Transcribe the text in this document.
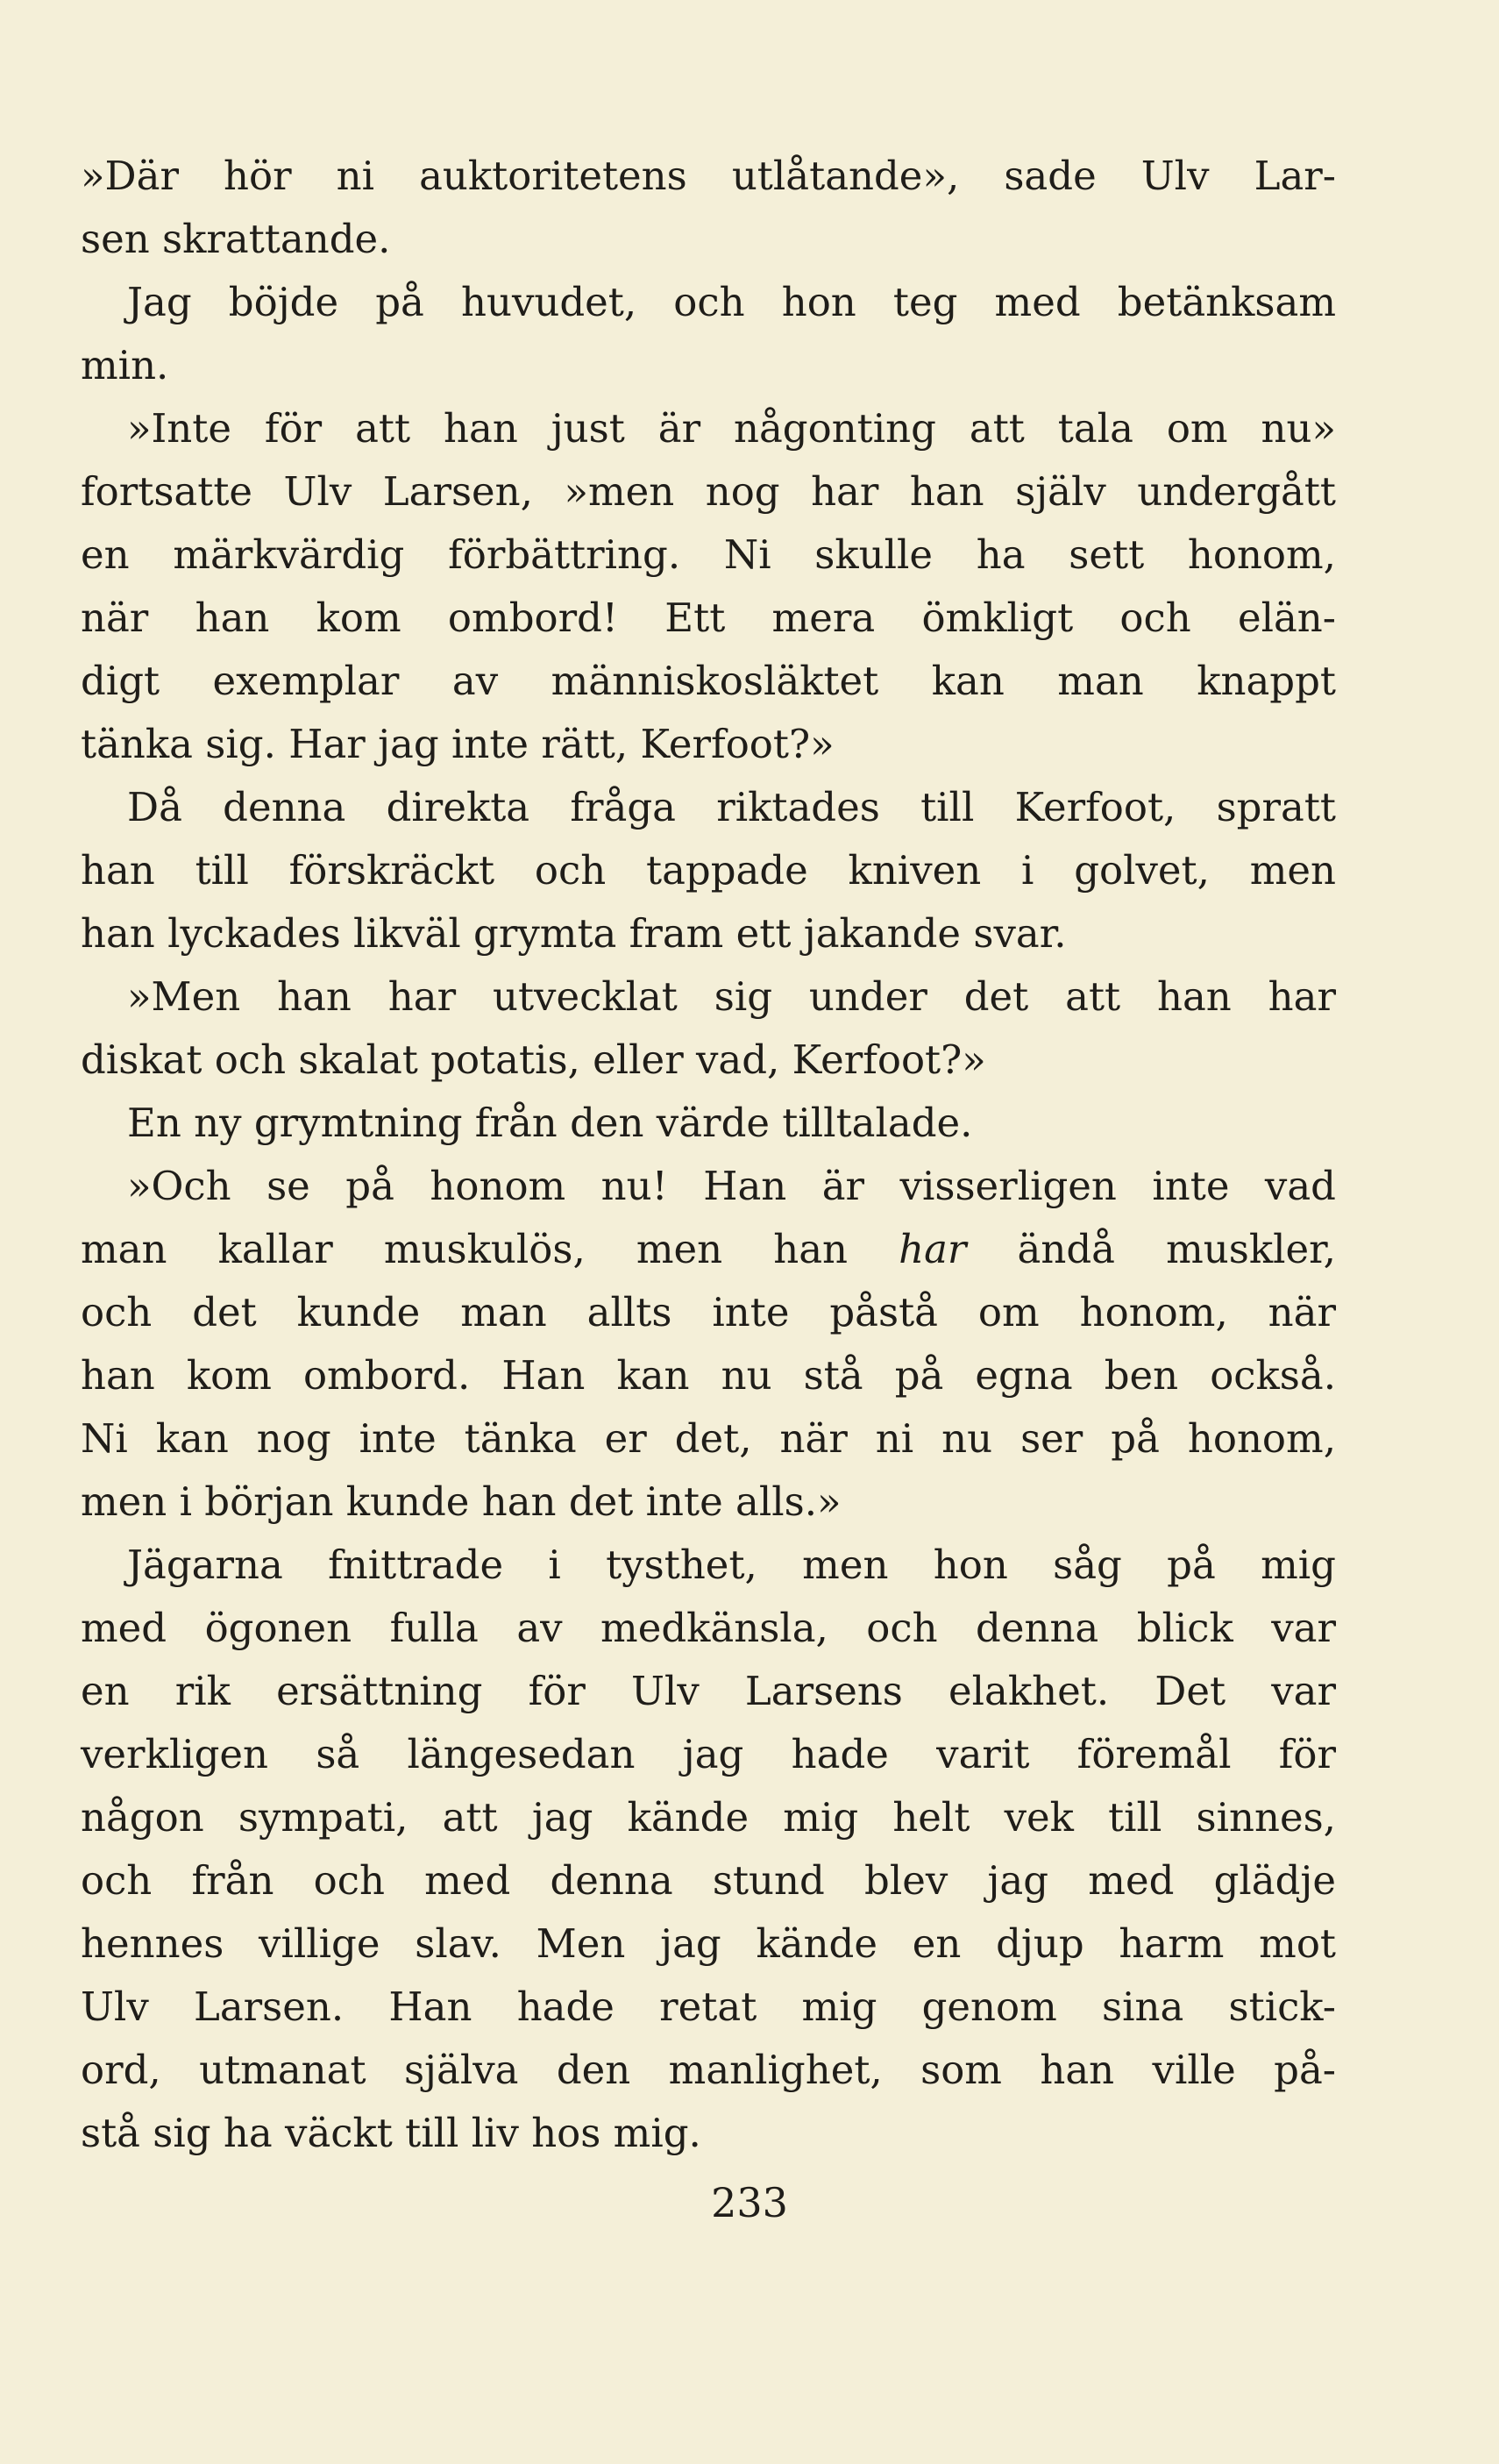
»Där hör ni auktoritetens utlåtande», sade Ulv Lar-
sen skrattande.
Jag böjde på huvudet, och hon teg med betänksam
min.
»Inte för att han just är någonting att tala om nu»
fortsatte Ulv Larsen, »men nog har han själv undergått
en märkvärdig förbättring. Ni skulle ha sett honom,
när han kom ombord! Ett mera ömkligt och elän-
digt exemplar av människosläktet kan man knappt
tänka sig. Har jag inte rätt, Kerfoot?»
Då denna direkta fråga riktades till Kerfoot, spratt
han till förskräckt och tappade kniven i golvet, men
han lyckades likväl grymta fram ett jakande svar.
»Men han har utvecklat sig under det att han har
diskat och skalat potatis, eller vad, Kerfoot?»
En ny grymtning från den värde tilltalade.
»Och se på honom nu! Han är visserligen inte vad
man kallar muskulös, men han har ändå muskler,
och det kunde man allts inte påstå om honom, när
han kom ombord. Han kan nu stå på egna ben också.
Ni kan nog inte tänka er det, när ni nu ser på honom,
men i början kunde han det inte alls.»
Jägarna fnittrade i tysthet, men hon såg på mig
med ögonen fulla av medkänsla, och denna blick var
en rik ersättning för Ulv Larsens elakhet. Det var
verkligen så längesedan jag hade varit föremål för
någon sympati, att jag kände mig helt vek till sinnes,
och från och med denna stund blev jag med glädje
hennes villige slav. Men jag kände en djup harm mot
Ulv Larsen. Han hade retat mig genom sina stick-
ord, utmanat själva den manlighet, som han ville på-
stå sig ha väckt till liv hos mig.
233
